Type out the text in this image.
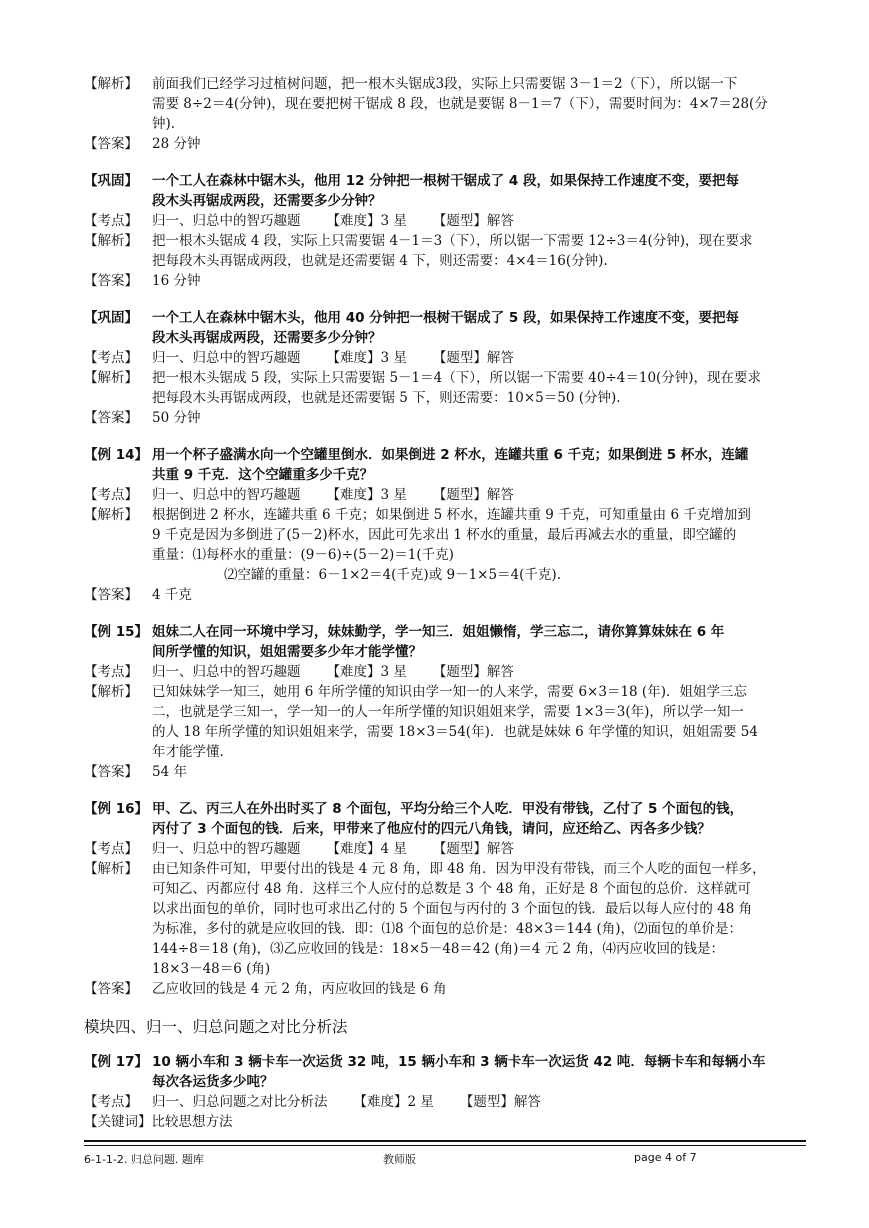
【解析】 前面我们已经学习过植树问题，把一根木头锯成3段，实际上只需要锯 3－1＝2（下），所以锯一下
需要 8÷2＝4(分钟)，现在要把树干锯成 8 段，也就是要锯 8－1＝7（下），需要时间为：4×7＝28(分
钟).
【答案】 28 分钟
【巩固】 一个工人在森林中锯木头，他用 12 分钟把一根树干锯成了 4 段，如果保持工作速度不变，要把每
段木头再锯成两段，还需要多少分钟？
【考点】 归一、归总中的智巧趣题 【难度】3 星 【题型】解答
【解析】 把一根木头锯成 4 段，实际上只需要锯 4－1＝3（下），所以锯一下需要 12÷3＝4(分钟)，现在要求
把每段木头再锯成两段，也就是还需要锯 4 下，则还需要：4×4＝16(分钟).
【答案】 16 分钟
【巩固】 一个工人在森林中锯木头，他用 40 分钟把一根树干锯成了 5 段，如果保持工作速度不变，要把每
段木头再锯成两段，还需要多少分钟？
【考点】 归一、归总中的智巧趣题 【难度】3 星 【题型】解答
【解析】 把一根木头锯成 5 段，实际上只需要锯 5－1＝4（下），所以锯一下需要 40÷4＝10(分钟)，现在要求
把每段木头再锯成两段，也就是还需要锯 5 下，则还需要：10×5＝50 (分钟).
【答案】 50 分钟
【例 14】 用一个杯子盛满水向一个空罐里倒水．如果倒进 2 杯水，连罐共重 6 千克；如果倒进 5 杯水，连罐
共重 9 千克．这个空罐重多少千克？
【考点】 归一、归总中的智巧趣题 【难度】3 星 【题型】解答
【解析】 根据倒进 2 杯水，连罐共重 6 千克；如果倒进 5 杯水，连罐共重 9 千克，可知重量由 6 千克增加到
9 千克是因为多倒进了(5－2)杯水，因此可先求出 1 杯水的重量，最后再减去水的重量，即空罐的
重量：⑴每杯水的重量：(9－6)÷(5－2)＝1(千克)
⑵空罐的重量：6－1×2＝4(千克)或 9－1×5＝4(千克).
【答案】 4 千克
【例 15】 姐妹二人在同一环境中学习，妹妹勤学，学一知三．姐姐懒惰，学三忘二，请你算算妹妹在 6 年
间所学懂的知识，姐姐需要多少年才能学懂？
【考点】 归一、归总中的智巧趣题 【难度】3 星 【题型】解答
【解析】 已知妹妹学一知三，她用 6 年所学懂的知识由学一知一的人来学，需要 6×3＝18 (年)．姐姐学三忘
二，也就是学三知一，学一知一的人一年所学懂的知识姐姐来学，需要 1×3＝3(年)，所以学一知一
的人 18 年所学懂的知识姐姐来学，需要 18×3＝54(年)．也就是妹妹 6 年学懂的知识，姐姐需要 54
年才能学懂.
【答案】 54 年
【例 16】 甲、乙、丙三人在外出时买了 8 个面包，平均分给三个人吃．甲没有带钱，乙付了 5 个面包的钱，
丙付了 3 个面包的钱．后来，甲带来了他应付的四元八角钱，请问，应还给乙、丙各多少钱？
【考点】 归一、归总中的智巧趣题 【难度】4 星 【题型】解答
【解析】 由已知条件可知，甲要付出的钱是 4 元 8 角，即 48 角．因为甲没有带钱，而三个人吃的面包一样多，
可知乙、丙都应付 48 角．这样三个人应付的总数是 3 个 48 角，正好是 8 个面包的总价．这样就可
以求出面包的单价，同时也可求出乙付的 5 个面包与丙付的 3 个面包的钱．最后以每人应付的 48 角
为标准，多付的就是应收回的钱．即：⑴8 个面包的总价是：48×3＝144 (角)，⑵面包的单价是：
144÷8＝18 (角)，⑶乙应收回的钱是：18×5－48＝42 (角)＝4 元 2 角，⑷丙应收回的钱是：
18×3－48＝6 (角)
【答案】 乙应收回的钱是 4 元 2 角，丙应收回的钱是 6 角
模块四、归一、归总问题之对比分析法
【例 17】 10 辆小车和 3 辆卡车一次运货 32 吨，15 辆小车和 3 辆卡车一次运货 42 吨．每辆卡车和每辆小车
每次各运货多少吨？
【考点】 归一、归总问题之对比分析法 【难度】2 星 【题型】解答
【关键词】比较思想方法
6-1-1-2. 归总问题. 题库	教师版	page 4 of 7
